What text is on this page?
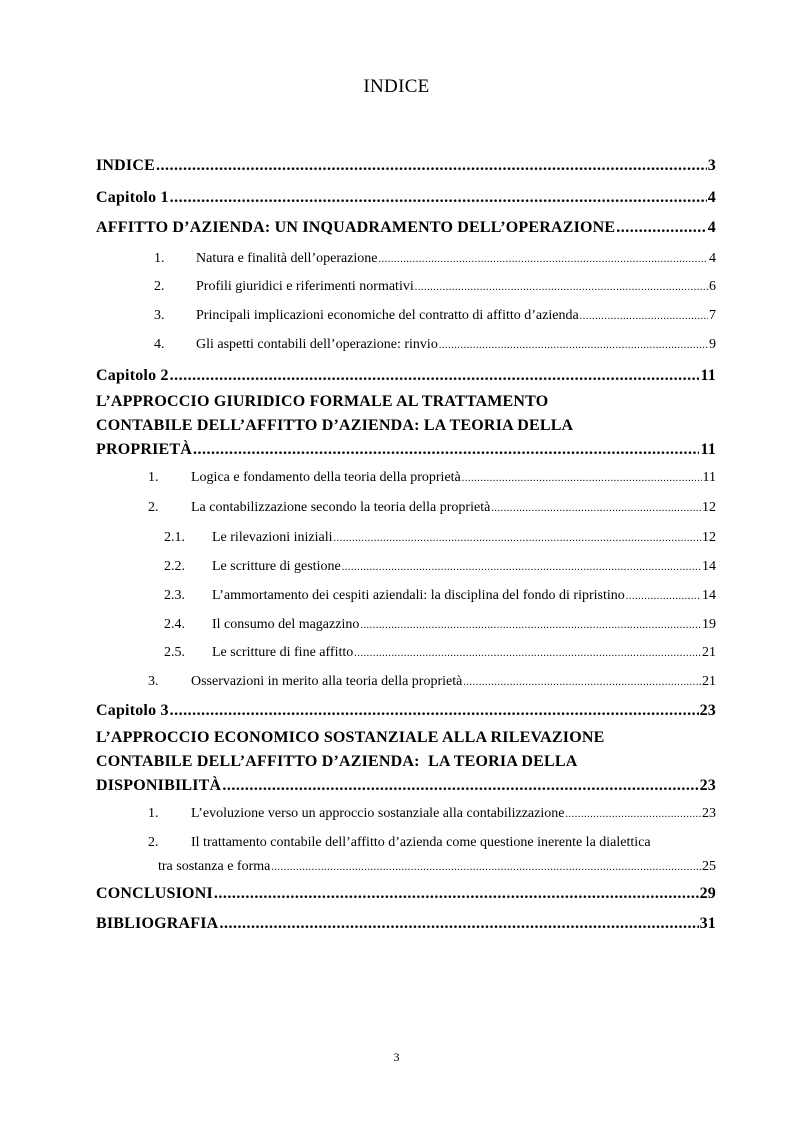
INDICE
INDICE .....	3
Capitolo 1 .....	4
AFFITTO D’AZIENDA: UN INQUADRAMENTO DELL’OPERAZIONE .....	4
1. Natura e finalità dell’operazione .....	4
2. Profili giuridici e riferimenti normativi .....	6
3. Principali implicazioni economiche del contratto di affitto d’azienda .....	7
4. Gli aspetti contabili dell’operazione: rinvio .....	9
Capitolo 2 .....	11
L’APPROCCIO GIURIDICO FORMALE AL TRATTAMENTO
CONTABILE DELL’AFFITTO D’AZIENDA: LA TEORIA DELLA
PROPRIETÀ .....	11
1. Logica e fondamento della teoria della proprietà .....	11
2. La contabilizzazione secondo la teoria della proprietà .....	12
2.1. Le rilevazioni iniziali .....	12
2.2. Le scritture di gestione .....	14
2.3. L’ammortamento dei cespiti aziendali: la disciplina del fondo di ripristino .....	14
2.4. Il consumo del magazzino .....	19
2.5. Le scritture di fine affitto .....	21
3. Osservazioni in merito alla teoria della proprietà .....	21
Capitolo 3 .....	23
L’APPROCCIO ECONOMICO SOSTANZIALE ALLA RILEVAZIONE
CONTABILE DELL’AFFITTO D’AZIENDA:  LA TEORIA DELLA
DISPONIBILITÀ .....	23
1. L’evoluzione verso un approccio sostanziale alla contabilizzazione .....	23
2. Il trattamento contabile dell’affitto d’azienda come questione inerente la dialettica
tra sostanza e forma .....	25
CONCLUSIONI .....	29
BIBLIOGRAFIA .....	31
3
